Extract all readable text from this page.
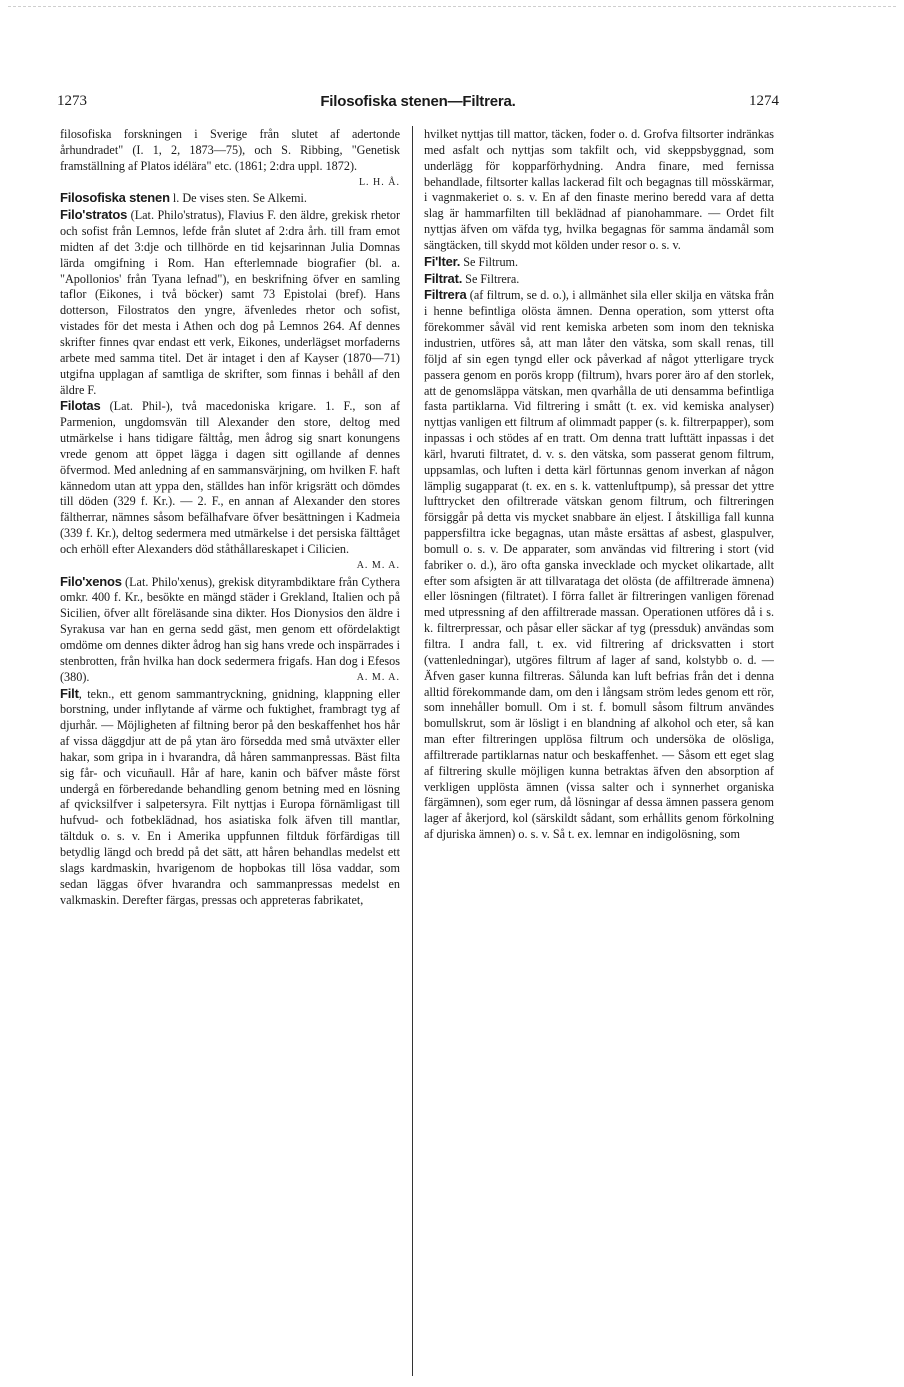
1273	Filosofiska stenen—Filtrera.	1274

filosofiska forskningen i Sverige från slutet af adertonde århundradet" (I. 1, 2, 1873—75), och S. Ribbing, "Genetisk framställning af Platos idélära" etc. (1861; 2:dra uppl. 1872).
L. H. Å.

Filosofiska stenen l. De vises sten. Se Alkemi.

Filo'stratos (Lat. Philo'stratus), Flavius F. den äldre, grekisk rhetor och sofist från Lemnos, lefde från slutet af 2:dra årh. till fram emot midten af det 3:dje och tillhörde en tid kejsarinnan Julia Domnas lärda omgifning i Rom. Han efterlemnade biografier (bl. a. "Apollonios' från Tyana lefnad"), en beskrifning öfver en samling taflor (Eikones, i två böcker) samt 73 Epistolai (bref). Hans dotterson, Filostratos den yngre, äfvenledes rhetor och sofist, vistades för det mesta i Athen och dog på Lemnos 264. Af dennes skrifter finnes qvar endast ett verk, Eikones, underlägset morfaderns arbete med samma titel. Det är intaget i den af Kayser (1870—71) utgifna upplagan af samtliga de skrifter, som finnas i behåll af den äldre F.

Filotas (Lat. Phil-), två macedoniska krigare. 1. F., son af Parmenion, ungdomsvän till Alexander den store, deltog med utmärkelse i hans tidigare fälttåg, men ådrog sig snart konungens vrede genom att öppet lägga i dagen sitt ogillande af dennes öfvermod. Med anledning af en sammansvärjning, om hvilken F. haft kännedom utan att yppa den, ställdes han inför krigsrätt och dömdes till döden (329 f. Kr.). — 2. F., en annan af Alexander den stores fältherrar, nämnes såsom befälhafvare öfver besättningen i Kadmeia (339 f. Kr.), deltog sedermera med utmärkelse i det persiska fälttåget och erhöll efter Alexanders död ståthållareskapet i Cilicien.
A. M. A.

Filo'xenos (Lat. Philo'xenus), grekisk dityrambdiktare från Cythera omkr. 400 f. Kr., besökte en mängd städer i Grekland, Italien och på Sicilien, öfver allt föreläsande sina dikter. Hos Dionysios den äldre i Syrakusa var han en gerna sedd gäst, men genom ett ofördelaktigt omdöme om dennes dikter ådrog han sig hans vrede och inspärrades i stenbrotten, från hvilka han dock sedermera frigafs. Han dog i Efesos (380).	A. M. A.

Filt, tekn., ett genom sammantryckning, gnidning, klappning eller borstning, under inflytande af värme och fuktighet, frambragt tyg af djurhår. — Möjligheten af filtning beror på den beskaffenhet hos hår af vissa däggdjur att de på ytan äro försedda med små utväxter eller hakar, som gripa in i hvarandra, då håren sammanpressas. Bäst filta sig får- och vicuñaull. Hår af hare, kanin och bäfver måste först undergå en förberedande behandling genom betning med en lösning af qvicksilfver i salpetersyra. Filt nyttjas i Europa förnämligast till hufvud- och fotbeklädnad, hos asiatiska folk äfven till mantlar, tältduk o. s. v. En i Amerika uppfunnen filtduk förfärdigas till betydlig längd och bredd på det sätt, att håren behandlas medelst ett slags kardmaskin, hvarigenom de hopbokas till lösa vaddar, som sedan läggas öfver hvarandra och sammanpressas medelst en valkmaskin. Derefter färgas, pressas och appreteras fabrikatet,

hvilket nyttjas till mattor, täcken, foder o. d. Grofva filtsorter indränkas med asfalt och nyttjas som takfilt och, vid skeppsbyggnad, som underlägg för kopparförhydning. Andra finare, med fernissa behandlade, filtsorter kallas lackerad filt och begagnas till mösskärmar, i vagnmakeriet o. s. v. En af den finaste merino beredd vara af detta slag är hammarfilten till beklädnad af pianohammare. — Ordet filt nyttjas äfven om väfda tyg, hvilka begagnas för samma ändamål som sängtäcken, till skydd mot kölden under resor o. s. v.

Fi'lter. Se Filtrum.

Filtrat. Se Filtrera.

Filtrera (af filtrum, se d. o.), i allmänhet sila eller skilja en vätska från i henne befintliga olösta ämnen. Denna operation, som ytterst ofta förekommer såväl vid rent kemiska arbeten som inom den tekniska industrien, utföres så, att man låter den vätska, som skall renas, till följd af sin egen tyngd eller ock påverkad af något ytterligare tryck passera genom en porös kropp (filtrum), hvars porer äro af den storlek, att de genomsläppa vätskan, men qvarhålla de uti densamma befintliga fasta partiklarna. Vid filtrering i smått (t. ex. vid kemiska analyser) nyttjas vanligen ett filtrum af olimmadt papper (s. k. filtrerpapper), som inpassas i och stödes af en tratt. Om denna tratt lufttätt inpassas i det kärl, hvaruti filtratet, d. v. s. den vätska, som passerat genom filtrum, uppsamlas, och luften i detta kärl förtunnas genom inverkan af någon lämplig sugapparat (t. ex. en s. k. vattenluftpump), så pressar det yttre lufttrycket den ofiltrerade vätskan genom filtrum, och filtreringen försiggår på detta vis mycket snabbare än eljest. I åtskilliga fall kunna pappersfiltra icke begagnas, utan måste ersättas af asbest, glaspulver, bomull o. s. v. De apparater, som användas vid filtrering i stort (vid fabriker o. d.), äro ofta ganska invecklade och mycket olikartade, allt efter som afsigten är att tillvarataga det olösta (de affiltrerade ämnena) eller lösningen (filtratet). I förra fallet är filtreringen vanligen förenad med utpressning af den affiltrerade massan. Operationen utföres då i s. k. filtrerpressar, och påsar eller säckar af tyg (pressduk) användas som filtra. I andra fall, t. ex. vid filtrering af dricksvatten i stort (vattenledningar), utgöres filtrum af lager af sand, kolstybb o. d. — Äfven gaser kunna filtreras. Sålunda kan luft befrias från det i denna alltid förekommande dam, om den i långsam ström ledes genom ett rör, som innehåller bomull. Om i st. f. bomull såsom filtrum användes bomullskrut, som är lösligt i en blandning af alkohol och eter, så kan man efter filtreringen upplösa filtrum och undersöka de olösliga, affiltrerade partiklarnas natur och beskaffenhet. — Såsom ett eget slag af filtrering skulle möjligen kunna betraktas äfven den absorption af verkligen upplösta ämnen (vissa salter och i synnerhet organiska färgämnen), som eger rum, då lösningar af dessa ämnen passera genom lager af åkerjord, kol (särskildt sådant, som erhållits genom förkolning af djuriska ämnen) o. s. v. Så t. ex. lemnar en indigolösning, som
